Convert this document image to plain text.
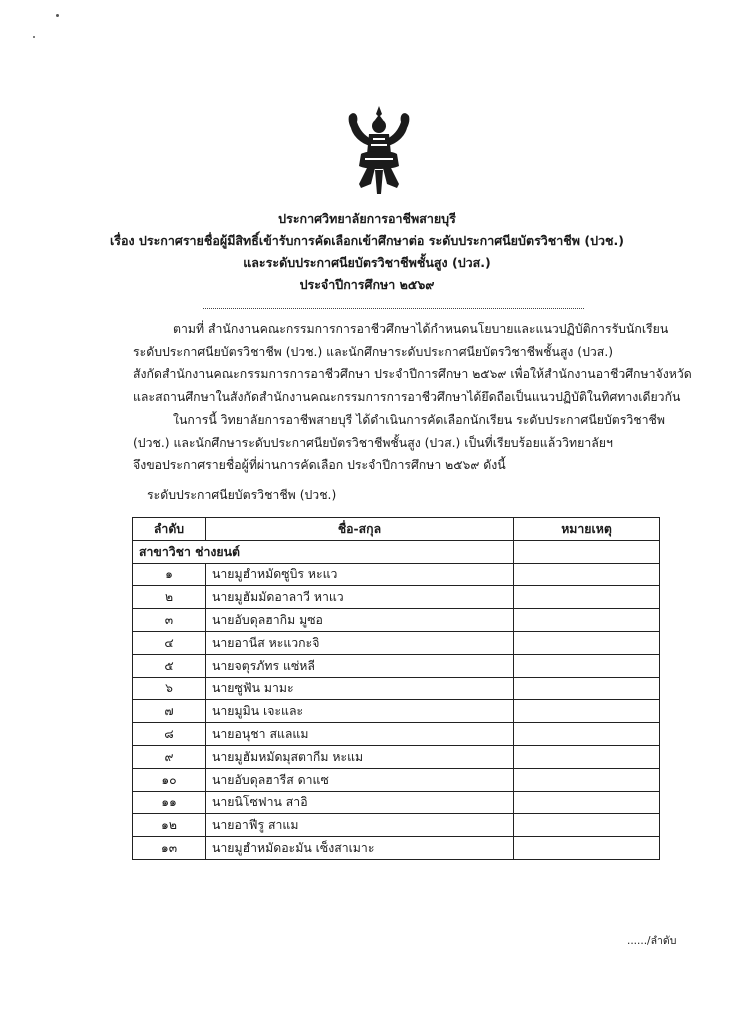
ประกาศวิทยาลัยการอาชีพสายบุรี
เรื่อง ประกาศรายชื่อผู้มีสิทธิ์เข้ารับการคัดเลือกเข้าศึกษาต่อ ระดับประกาศนียบัตรวิชาชีพ (ปวช.)
และระดับประกาศนียบัตรวิชาชีพชั้นสูง (ปวส.)
ประจำปีการศึกษา ๒๕๖๙
ตามที่ สำนักงานคณะกรรมการการอาชีวศึกษาได้กำหนดนโยบายและแนวปฏิบัติการรับนักเรียน
ระดับประกาศนียบัตรวิชาชีพ (ปวช.) และนักศึกษาระดับประกาศนียบัตรวิชาชีพชั้นสูง (ปวส.)
สังกัดสำนักงานคณะกรรมการการอาชีวศึกษา ประจำปีการศึกษา ๒๕๖๙ เพื่อให้สำนักงานอาชีวศึกษาจังหวัด
และสถานศึกษาในสังกัดสำนักงานคณะกรรมการการอาชีวศึกษาได้ยึดถือเป็นแนวปฏิบัติในทิศทางเดียวกัน
ในการนี้ วิทยาลัยการอาชีพสายบุรี ได้ดำเนินการคัดเลือกนักเรียน ระดับประกาศนียบัตรวิชาชีพ
(ปวช.) และนักศึกษาระดับประกาศนียบัตรวิชาชีพชั้นสูง (ปวส.) เป็นที่เรียบร้อยแล้ววิทยาลัยฯ
จึงขอประกาศรายชื่อผู้ที่ผ่านการคัดเลือก ประจำปีการศึกษา ๒๕๖๙ ดังนี้
ระดับประกาศนียบัตรวิชาชีพ (ปวช.)
ลำดับ	ชื่อ-สกุล	หมายเหตุ
สาขาวิชา ช่างยนต์		
๑	นายมูฮำหมัดซูบิร หะแว	
๒	นายมูฮัมมัดอาลาวี หาแว	
๓	นายอับดุลฮากิม มูซอ	
๔	นายอานีส หะแวกะจิ	
๕	นายจตุรภัทร แซ่หลี	
๖	นายซูฟัน มามะ	
๗	นายมูมิน เจะและ	
๘	นายอนุชา สแลแม	
๙	นายมูฮัมหมัดมุสตากีม หะแม	
๑๐	นายอับดุลฮารีส ดาแซ	
๑๑	นายนิโซฟาน สาอิ	
๑๒	นายอาฟีรู สาแม	
๑๓	นายมูฮำหมัดอะมัน เซ็งสาเมาะ	
....../ลำดับ
